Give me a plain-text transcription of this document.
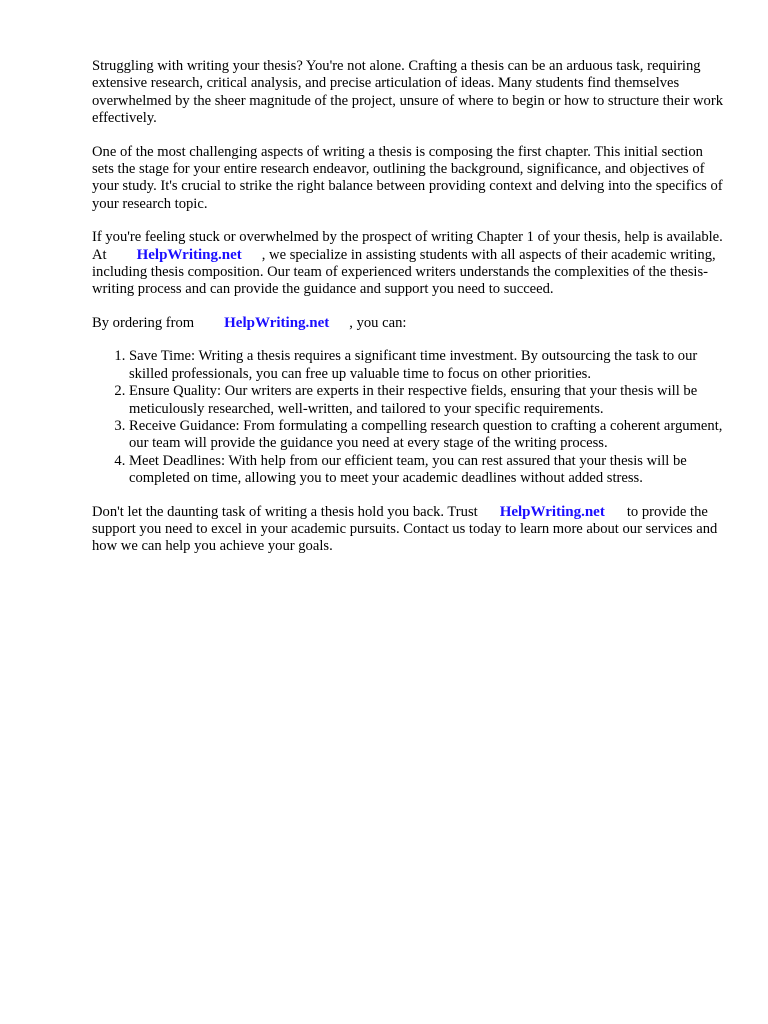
Struggling with writing your thesis? You're not alone. Crafting a thesis can be an arduous task, requiring extensive research, critical analysis, and precise articulation of ideas. Many students find themselves overwhelmed by the sheer magnitude of the project, unsure of where to begin or how to structure their work effectively.

One of the most challenging aspects of writing a thesis is composing the first chapter. This initial section sets the stage for your entire research endeavor, outlining the background, significance, and objectives of your study. It's crucial to strike the right balance between providing context and delving into the specifics of your research topic.

If you're feeling stuck or overwhelmed by the prospect of writing Chapter 1 of your thesis, help is available. At HelpWriting.net , we specialize in assisting students with all aspects of their academic writing, including thesis composition. Our team of experienced writers understands the complexities of the thesis-writing process and can provide the guidance and support you need to succeed.

By ordering from HelpWriting.net , you can:

1. Save Time: Writing a thesis requires a significant time investment. By outsourcing the task to our skilled professionals, you can free up valuable time to focus on other priorities.
2. Ensure Quality: Our writers are experts in their respective fields, ensuring that your thesis will be meticulously researched, well-written, and tailored to your specific requirements.
3. Receive Guidance: From formulating a compelling research question to crafting a coherent argument, our team will provide the guidance you need at every stage of the writing process.
4. Meet Deadlines: With help from our efficient team, you can rest assured that your thesis will be completed on time, allowing you to meet your academic deadlines without added stress.

Don't let the daunting task of writing a thesis hold you back. Trust HelpWriting.net to provide the support you need to excel in your academic pursuits. Contact us today to learn more about our services and how we can help you achieve your goals.
